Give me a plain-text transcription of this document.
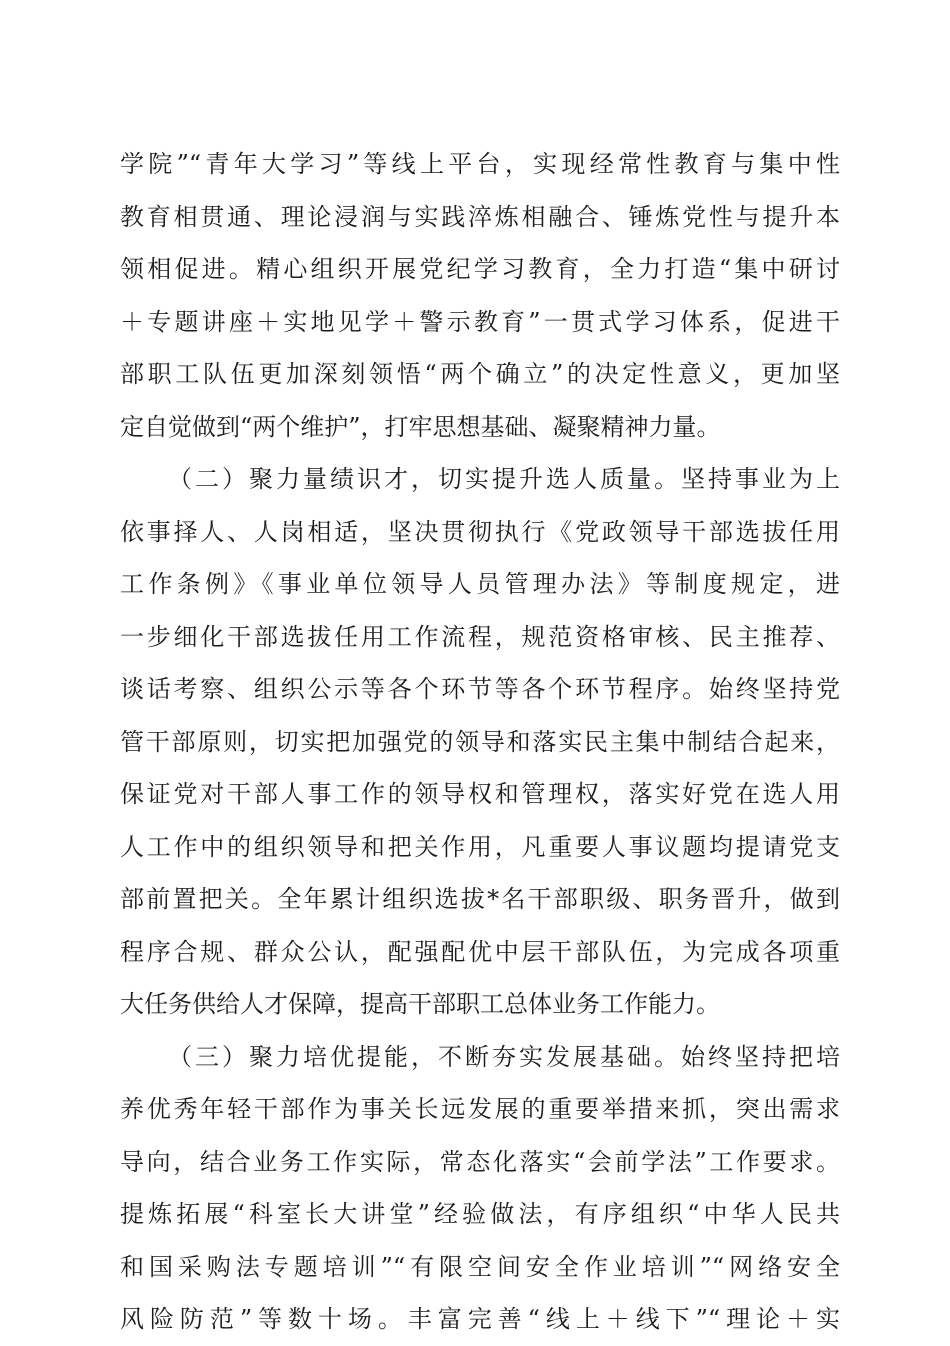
学院”“青年大学习”等线上平台，实现经常性教育与集中性
教育相贯通、理论浸润与实践淬炼相融合、锤炼党性与提升本
领相促进。精心组织开展党纪学习教育，全力打造“集中研讨
＋专题讲座＋实地见学＋警示教育”一贯式学习体系，促进干
部职工队伍更加深刻领悟“两个确立”的决定性意义，更加坚
定自觉做到“两个维护”，打牢思想基础、凝聚精神力量。
（二）聚力量绩识才，切实提升选人质量。坚持事业为上
依事择人、人岗相适，坚决贯彻执行《党政领导干部选拔任用
工作条例》《事业单位领导人员管理办法》等制度规定，进
一步细化干部选拔任用工作流程，规范资格审核、民主推荐、
谈话考察、组织公示等各个环节等各个环节程序。始终坚持党
管干部原则，切实把加强党的领导和落实民主集中制结合起来，
保证党对干部人事工作的领导权和管理权，落实好党在选人用
人工作中的组织领导和把关作用，凡重要人事议题均提请党支
部前置把关。全年累计组织选拔*名干部职级、职务晋升，做到
程序合规、群众公认，配强配优中层干部队伍，为完成各项重
大任务供给人才保障，提高干部职工总体业务工作能力。
（三）聚力培优提能，不断夯实发展基础。始终坚持把培
养优秀年轻干部作为事关长远发展的重要举措来抓，突出需求
导向，结合业务工作实际，常态化落实“会前学法”工作要求。
提炼拓展“科室长大讲堂”经验做法，有序组织“中华人民共
和国采购法专题培训”“有限空间安全作业培训”“网络安全
风险防范”等数十场。丰富完善“线上＋线下”“理论＋实
